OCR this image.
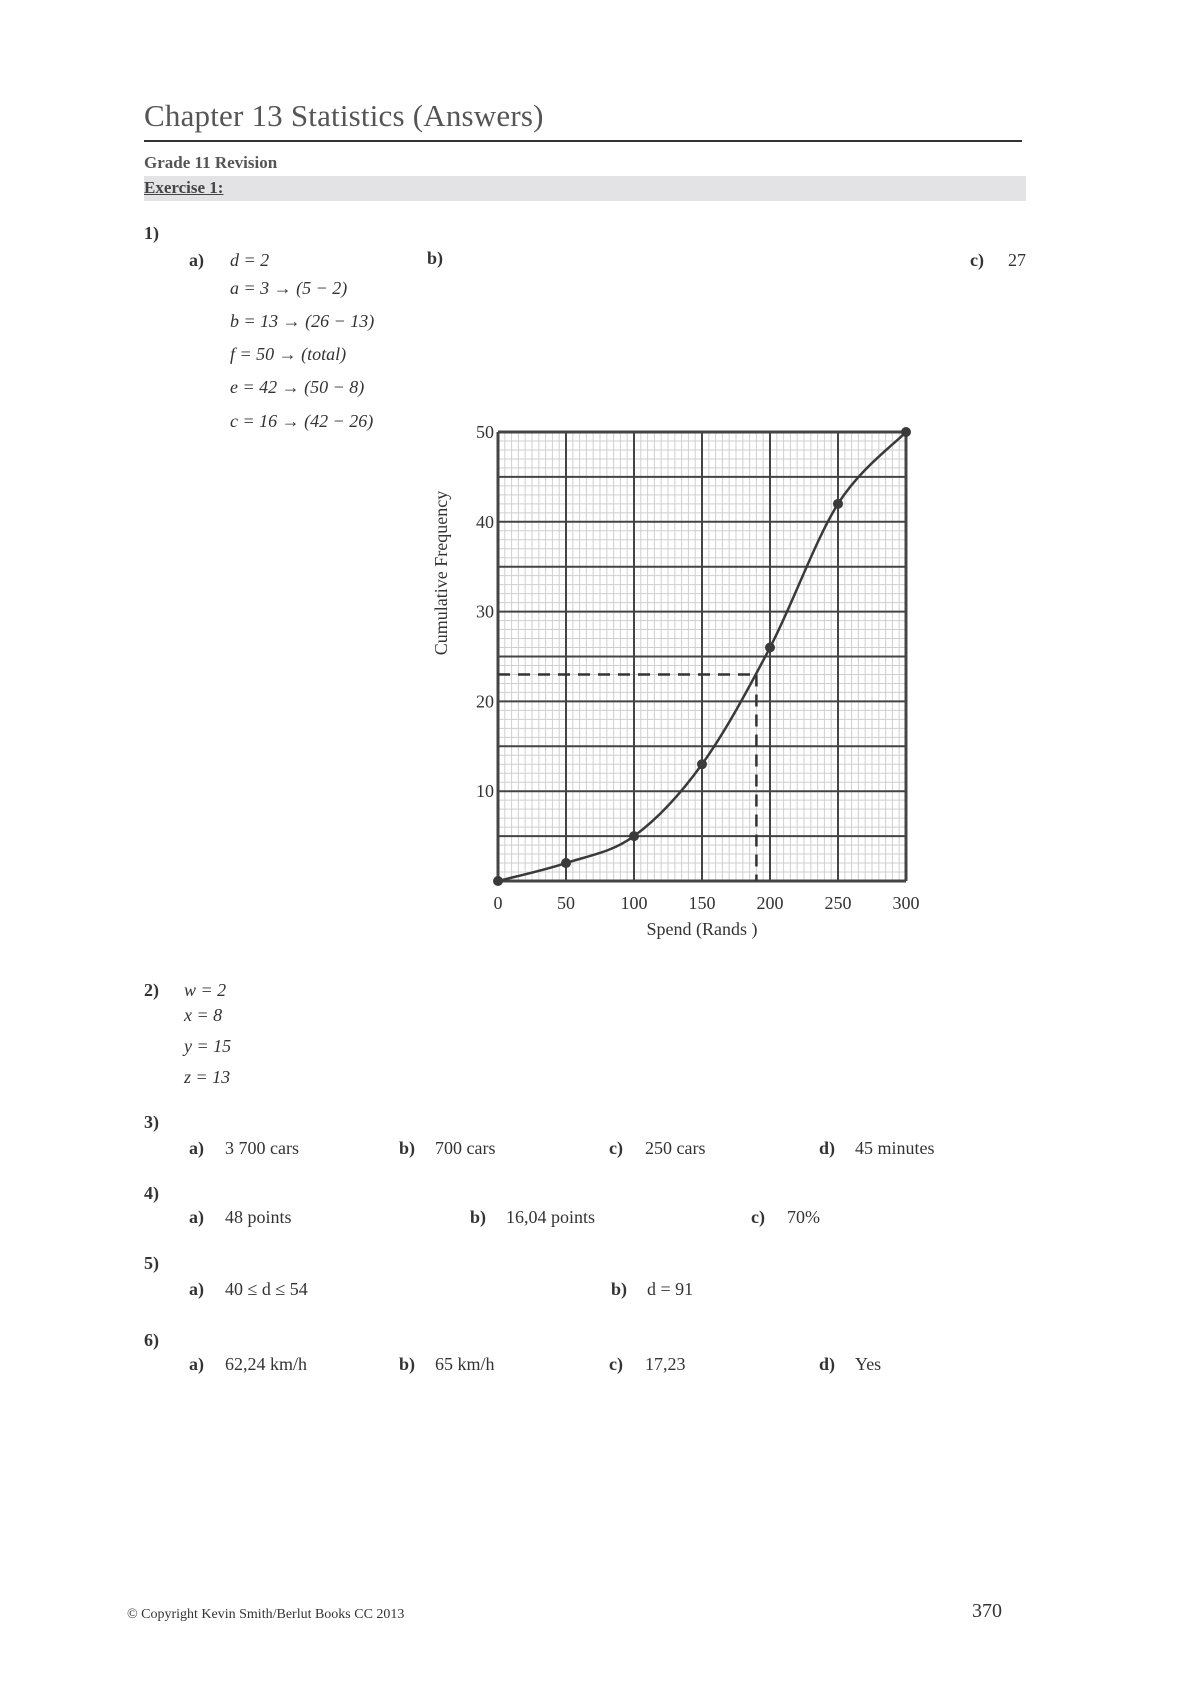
Chapter 13 Statistics (Answers)
Grade 11 Revision
Exercise 1:
1)
a) d = 2
a = 3 → (5 − 2)
b = 13 → (26 − 13)
f = 50 → (total)
e = 42 → (50 − 8)
c = 16 → (42 − 26)
b)	c) 27
0	50	100 150 200 250 300
10
20
30
40
50
Spend (Rands )
Cumulative Frequency
2) w = 2
x = 8
y = 15
z = 13
3)
a) 3 700 cars	b) 700 cars	c) 250 cars	d) 45 minutes
4)
a) 48 points	b) 16,04 points	c) 70%
5)
a) 40 ≤ d ≤ 54	b) d = 91
6)
a) 62,24 km/h	b) 65 km/h	c) 17,23	d) Yes
© Copyright Kevin Smith/Berlut Books CC 2013	370
